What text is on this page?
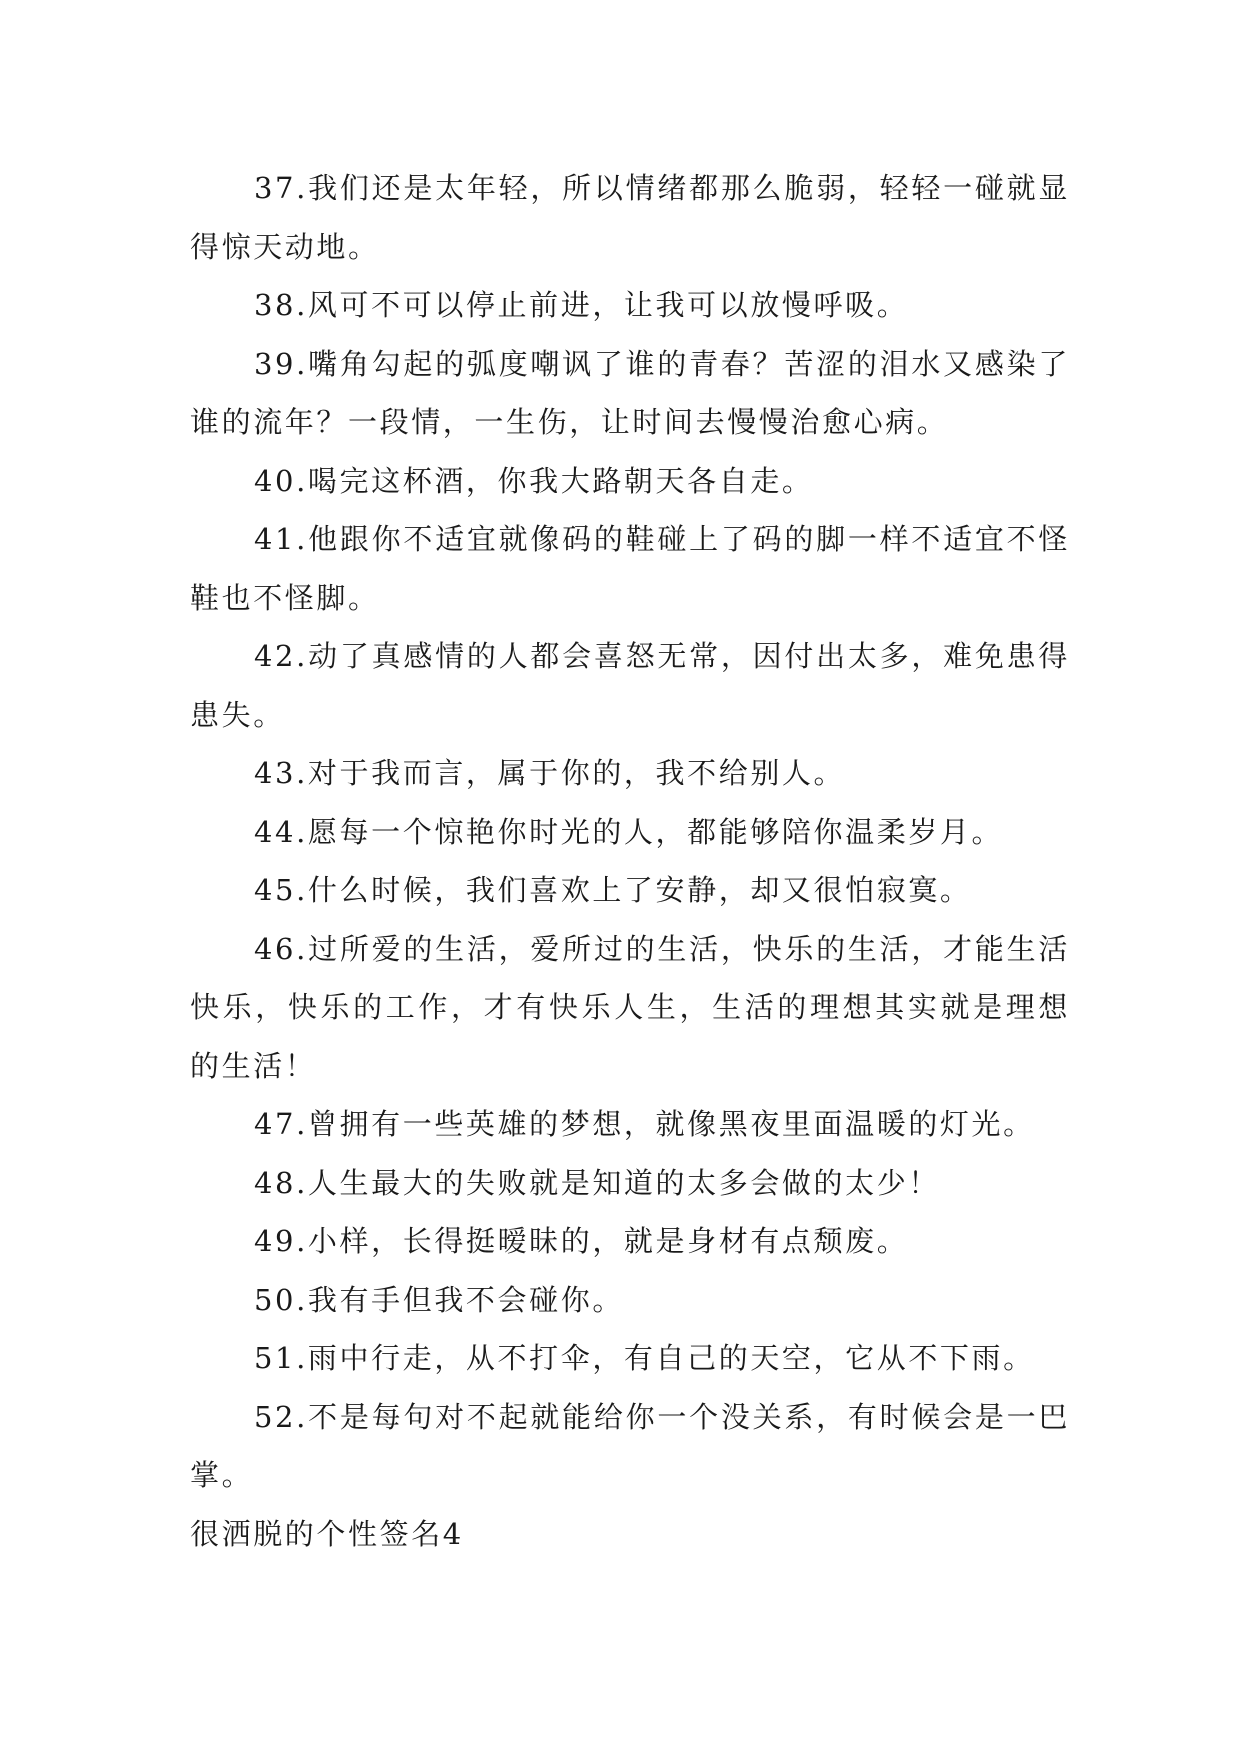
37.我们还是太年轻，所以情绪都那么脆弱，轻轻一碰就显得惊天动地。

38.风可不可以停止前进，让我可以放慢呼吸。

39.嘴角勾起的弧度嘲讽了谁的青春？苦涩的泪水又感染了谁的流年？一段情，一生伤，让时间去慢慢治愈心病。

40.喝完这杯酒，你我大路朝天各自走。

41.他跟你不适宜就像码的鞋碰上了码的脚一样不适宜不怪鞋也不怪脚。

42.动了真感情的人都会喜怒无常，因付出太多，难免患得患失。

43.对于我而言，属于你的，我不给别人。

44.愿每一个惊艳你时光的人，都能够陪你温柔岁月。

45.什么时候，我们喜欢上了安静，却又很怕寂寞。

46.过所爱的生活，爱所过的生活，快乐的生活，才能生活快乐，快乐的工作，才有快乐人生，生活的理想其实就是理想的生活！

47.曾拥有一些英雄的梦想，就像黑夜里面温暖的灯光。

48.人生最大的失败就是知道的太多会做的太少！

49.小样，长得挺暧昧的，就是身材有点颓废。

50.我有手但我不会碰你。

51.雨中行走，从不打伞，有自己的天空，它从不下雨。

52.不是每句对不起就能给你一个没关系，有时候会是一巴掌。

很洒脱的个性签名4
